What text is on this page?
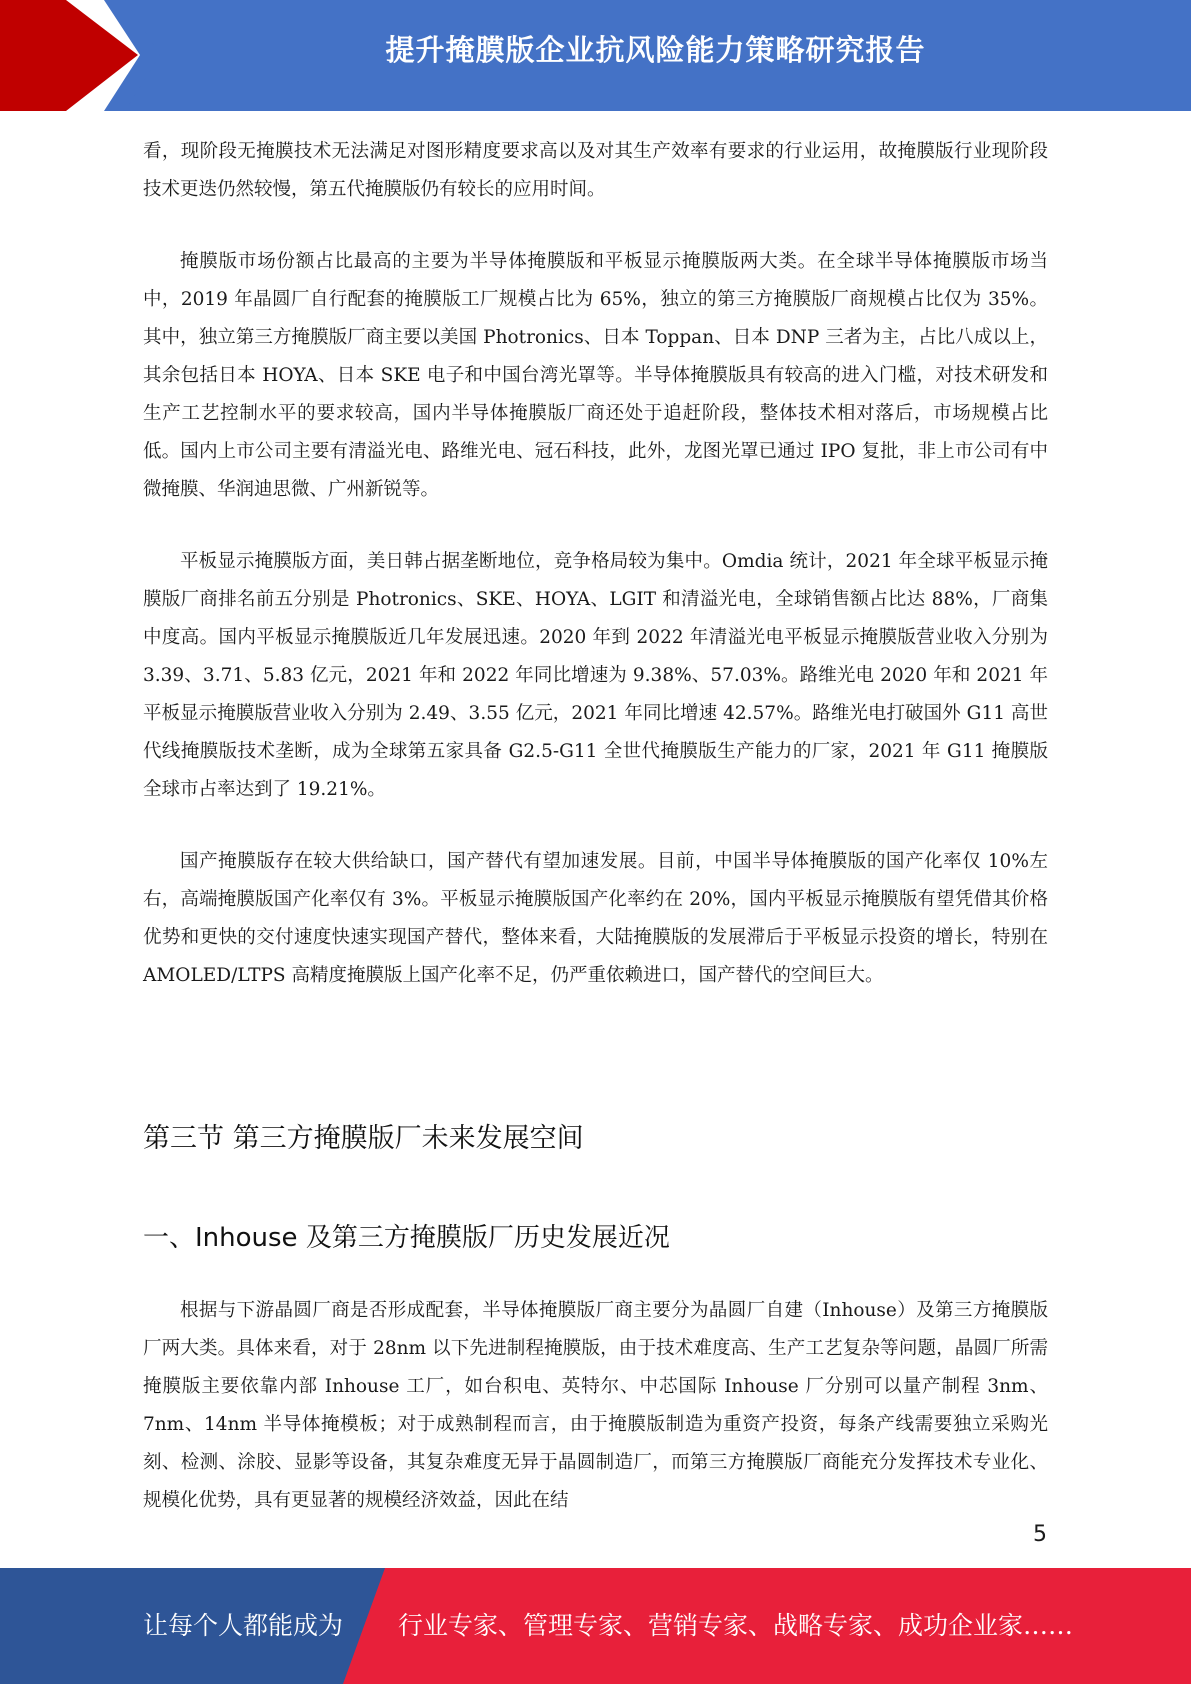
提升掩膜版企业抗风险能力策略研究报告

看，现阶段无掩膜技术无法满足对图形精度要求高以及对其生产效率有要求的行业运用，故掩膜版行业现阶段技术更迭仍然较慢，第五代掩膜版仍有较长的应用时间。

掩膜版市场份额占比最高的主要为半导体掩膜版和平板显示掩膜版两大类。在全球半导体掩膜版市场当中，2019 年晶圆厂自行配套的掩膜版工厂规模占比为 65%，独立的第三方掩膜版厂商规模占比仅为 35%。其中，独立第三方掩膜版厂商主要以美国 Photronics、日本 Toppan、日本 DNP 三者为主，占比八成以上，其余包括日本 HOYA、日本 SKE 电子和中国台湾光罩等。半导体掩膜版具有较高的进入门槛，对技术研发和生产工艺控制水平的要求较高，国内半导体掩膜版厂商还处于追赶阶段，整体技术相对落后，市场规模占比低。国内上市公司主要有清溢光电、路维光电、冠石科技，此外，龙图光罩已通过 IPO 复批，非上市公司有中微掩膜、华润迪思微、广州新锐等。

平板显示掩膜版方面，美日韩占据垄断地位，竞争格局较为集中。Omdia 统计，2021 年全球平板显示掩膜版厂商排名前五分别是 Photronics、SKE、HOYA、LGIT 和清溢光电，全球销售额占比达 88%，厂商集中度高。国内平板显示掩膜版近几年发展迅速。2020 年到 2022 年清溢光电平板显示掩膜版营业收入分别为 3.39、3.71、5.83 亿元，2021 年和 2022 年同比增速为 9.38%、57.03%。路维光电 2020 年和 2021 年平板显示掩膜版营业收入分别为 2.49、3.55 亿元，2021 年同比增速 42.57%。路维光电打破国外 G11 高世代线掩膜版技术垄断，成为全球第五家具备 G2.5-G11 全世代掩膜版生产能力的厂家，2021 年 G11 掩膜版全球市占率达到了 19.21%。

国产掩膜版存在较大供给缺口，国产替代有望加速发展。目前，中国半导体掩膜版的国产化率仅 10%左右，高端掩膜版国产化率仅有 3%。平板显示掩膜版国产化率约在 20%，国内平板显示掩膜版有望凭借其价格优势和更快的交付速度快速实现国产替代，整体来看，大陆掩膜版的发展滞后于平板显示投资的增长，特别在 AMOLED/LTPS 高精度掩膜版上国产化率不足，仍严重依赖进口，国产替代的空间巨大。

第三节 第三方掩膜版厂未来发展空间
一、Inhouse 及第三方掩膜版厂历史发展近况

根据与下游晶圆厂商是否形成配套，半导体掩膜版厂商主要分为晶圆厂自建（Inhouse）及第三方掩膜版厂两大类。具体来看，对于 28nm 以下先进制程掩膜版，由于技术难度高、生产工艺复杂等问题，晶圆厂所需掩膜版主要依靠内部 Inhouse 工厂，如台积电、英特尔、中芯国际 Inhouse 厂分别可以量产制程 3nm、7nm、14nm 半导体掩模板；对于成熟制程而言，由于掩膜版制造为重资产投资，每条产线需要独立采购光刻、检测、涂胶、显影等设备，其复杂难度无异于晶圆制造厂，而第三方掩膜版厂商能充分发挥技术专业化、规模化优势，具有更显著的规模经济效益，因此在结

5
让每个人都能成为 行业专家、管理专家、营销专家、战略专家、成功企业家……
